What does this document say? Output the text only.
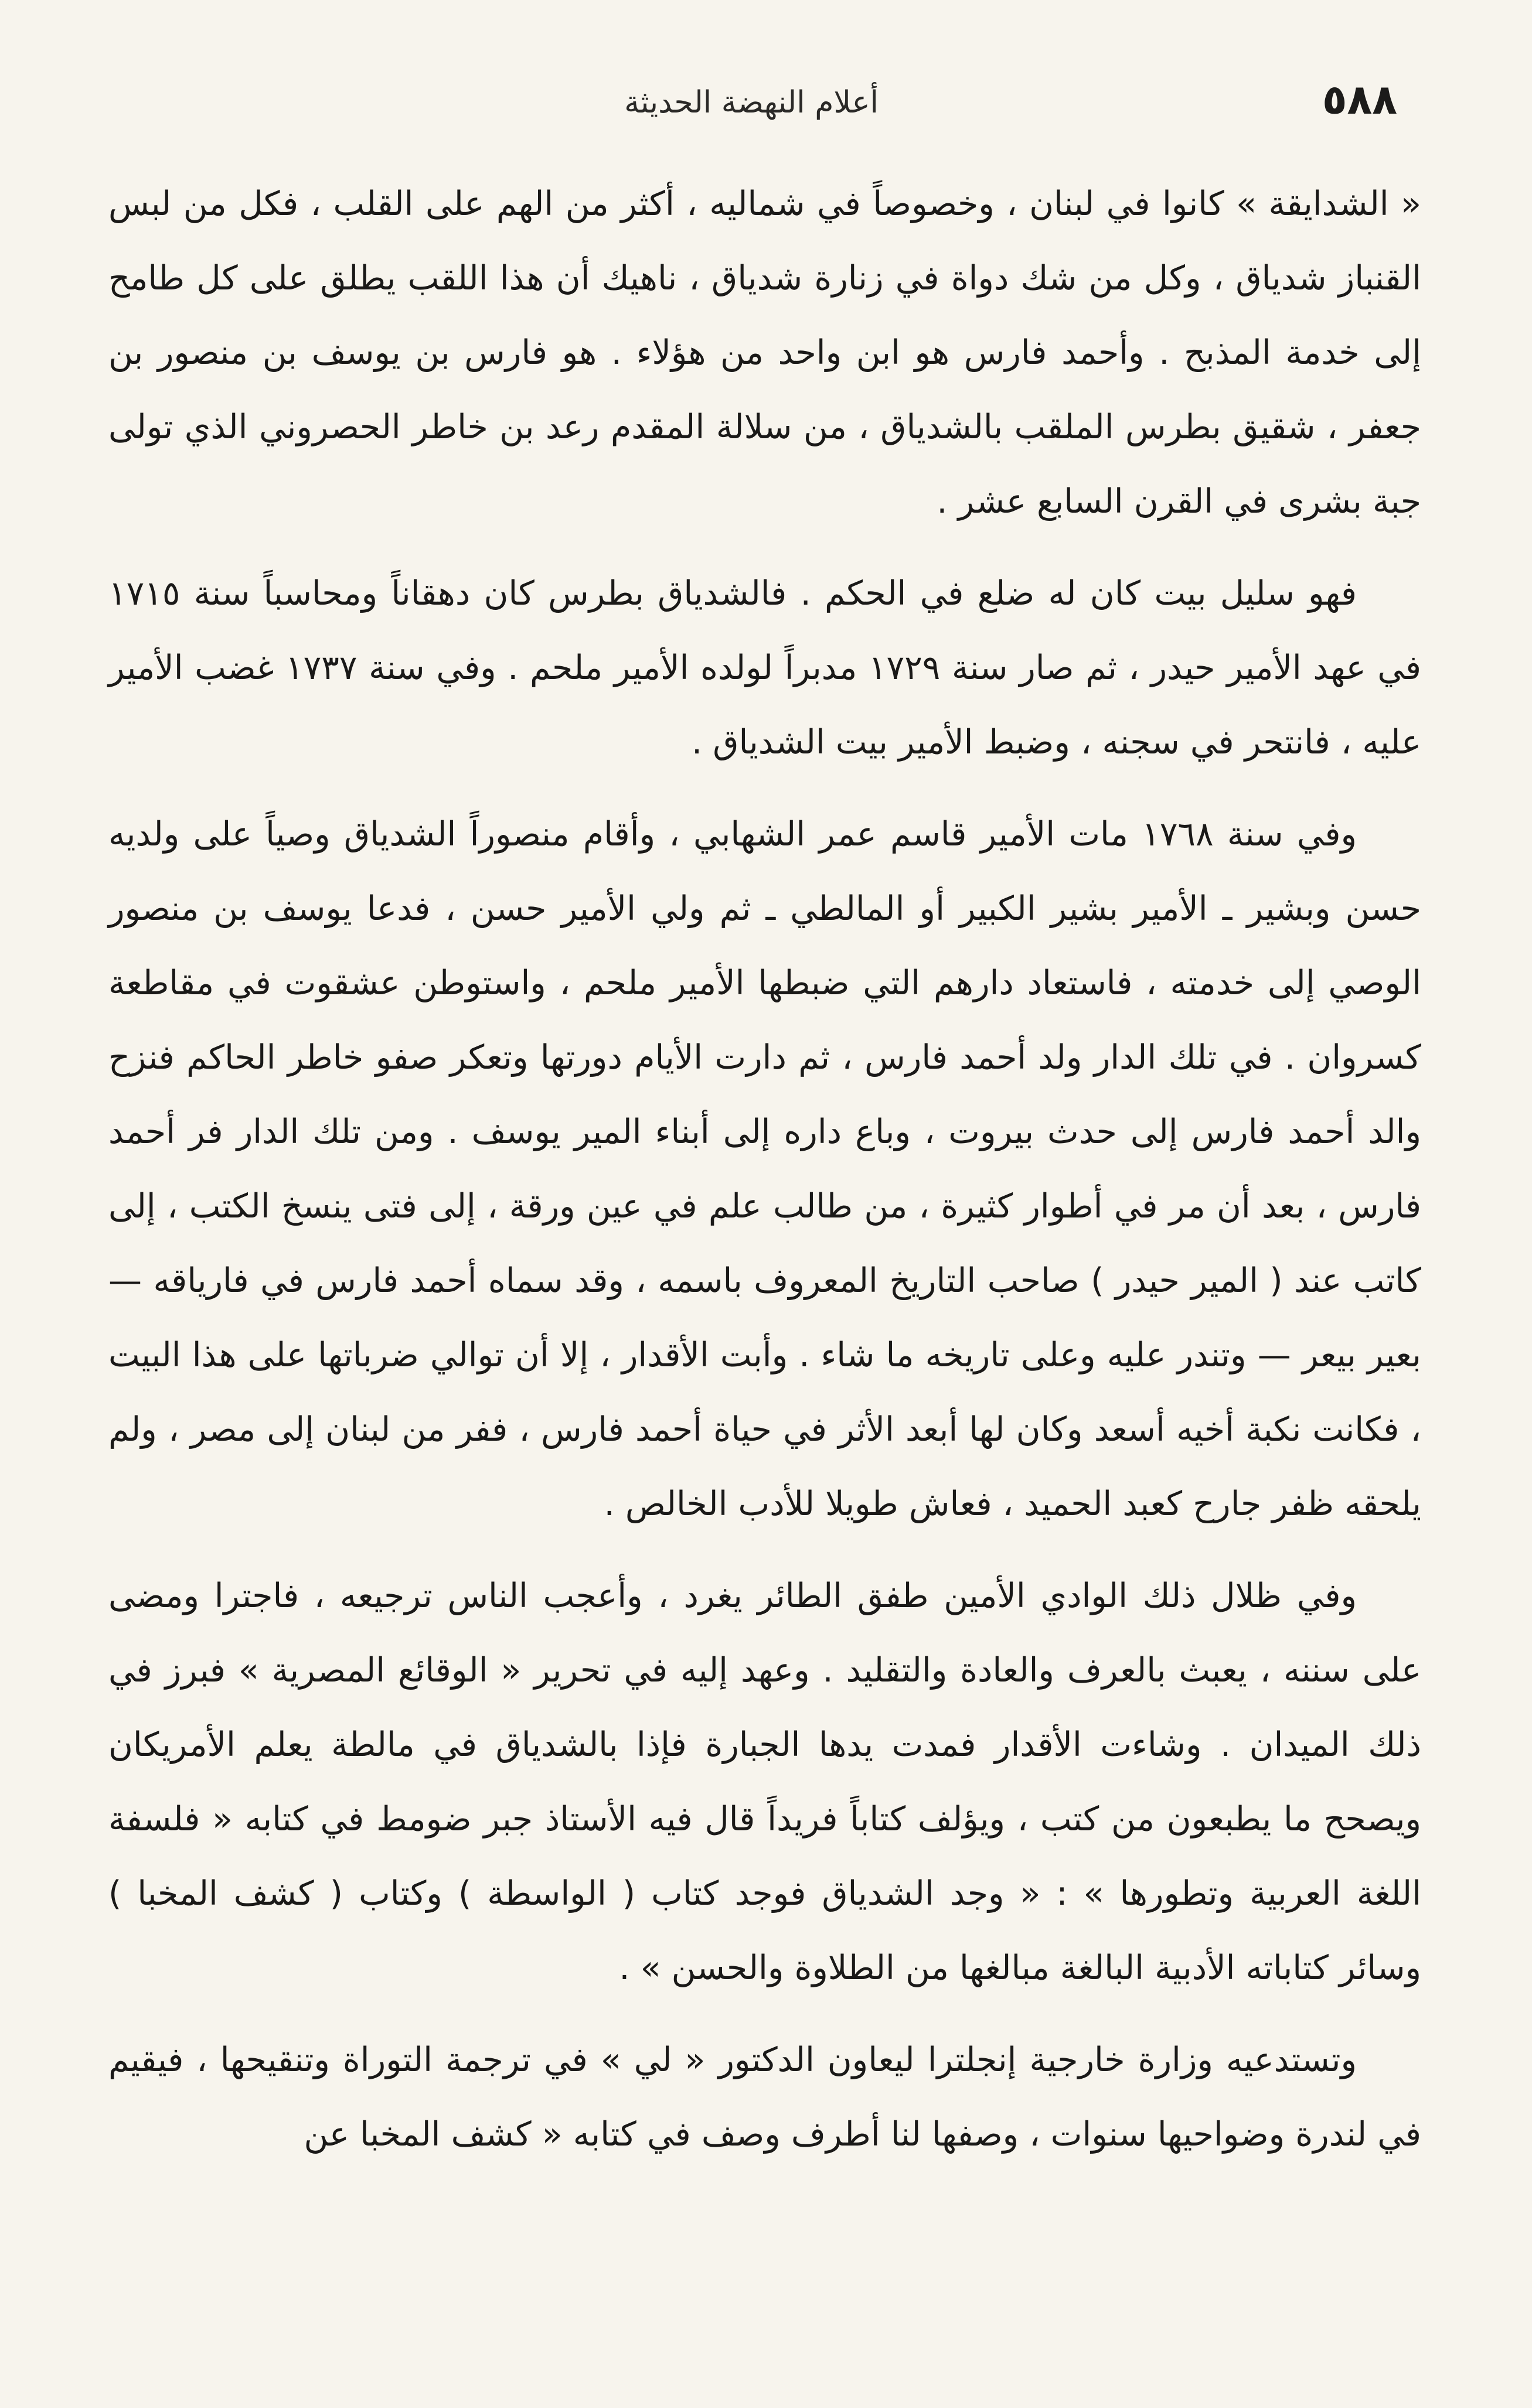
٥٨٨
أعلام النهضة الحديثة

« الشدايقة » كانوا في لبنان ، وخصوصاً في شماليه ، أكثر من الهم على القلب ، فكل من لبس القنباز شدياق ، وكل من شك دواة في زنارة شدياق ، ناهيك أن هذا اللقب يطلق على كل طامح إلى خدمة المذبح . وأحمد فارس هو ابن واحد من هؤلاء . هو فارس بن يوسف بن منصور بن جعفر ، شقيق بطرس الملقب بالشدياق ، من سلالة المقدم رعد بن خاطر الحصروني الذي تولى جبة بشرى في القرن السابع عشر .

فهو سليل بيت كان له ضلع في الحكم . فالشدياق بطرس كان دهقاناً ومحاسباً سنة ١٧١٥ في عهد الأمير حيدر ، ثم صار سنة ١٧٢٩ مدبراً لولده الأمير ملحم . وفي سنة ١٧٣٧ غضب الأمير عليه ، فانتحر في سجنه ، وضبط الأمير بيت الشدياق .

وفي سنة ١٧٦٨ مات الأمير قاسم عمر الشهابي ، وأقام منصوراً الشدياق وصياً على ولديه حسن وبشير ـ الأمير بشير الكبير أو المالطي ـ ثم ولي الأمير حسن ، فدعا يوسف بن منصور الوصي إلى خدمته ، فاستعاد دارهم التي ضبطها الأمير ملحم ، واستوطن عشقوت في مقاطعة كسروان . في تلك الدار ولد أحمد فارس ، ثم دارت الأيام دورتها وتعكر صفو خاطر الحاكم فنزح والد أحمد فارس إلى حدث بيروت ، وباع داره إلى أبناء المير يوسف . ومن تلك الدار فر أحمد فارس ، بعد أن مر في أطوار كثيرة ، من طالب علم في عين ورقة ، إلى فتى ينسخ الكتب ، إلى كاتب عند ( المير حيدر ) صاحب التاريخ المعروف باسمه ، وقد سماه أحمد فارس في فارياقه — بعير بيعر — وتندر عليه وعلى تاريخه ما شاء . وأبت الأقدار ، إلا أن توالي ضرباتها على هذا البيت ، فكانت نكبة أخيه أسعد وكان لها أبعد الأثر في حياة أحمد فارس ، ففر من لبنان إلى مصر ، ولم يلحقه ظفر جارح كعبد الحميد ، فعاش طويلا للأدب الخالص .

وفي ظلال ذلك الوادي الأمين طفق الطائر يغرد ، وأعجب الناس ترجيعه ، فاجترا ومضى على سننه ، يعبث بالعرف والعادة والتقليد . وعهد إليه في تحرير « الوقائع المصرية » فبرز في ذلك الميدان . وشاءت الأقدار فمدت يدها الجبارة فإذا بالشدياق في مالطة يعلم الأمريكان ويصحح ما يطبعون من كتب ، ويؤلف كتاباً فريداً قال فيه الأستاذ جبر ضومط في كتابه « فلسفة اللغة العربية وتطورها » : « وجد الشدياق فوجد كتاب ( الواسطة ) وكتاب ( كشف المخبا ) وسائر كتاباته الأدبية البالغة مبالغها من الطلاوة والحسن » .

وتستدعيه وزارة خارجية إنجلترا ليعاون الدكتور « لي » في ترجمة التوراة وتنقيحها ، فيقيم في لندرة وضواحيها سنوات ، وصفها لنا أطرف وصف في كتابه « كشف المخبا عن
